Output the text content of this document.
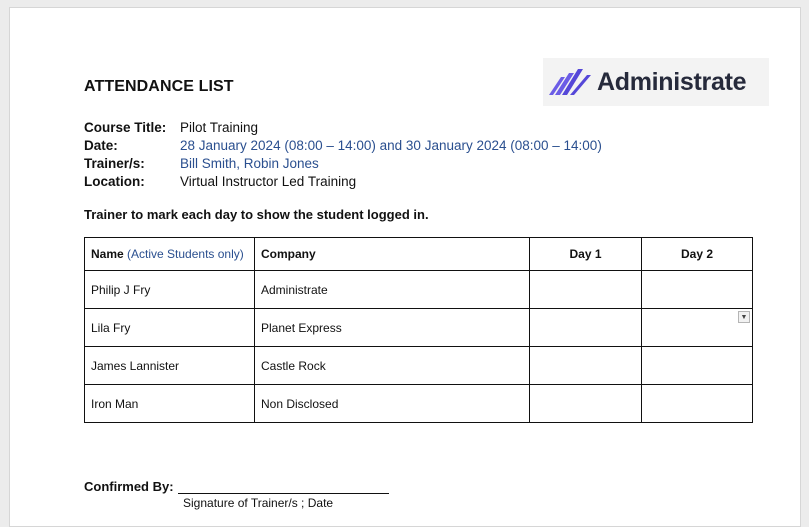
ATTENDANCE LIST	Administrate
Course Title:	Pilot Training
Date:	28 January 2024 (08:00 – 14:00) and 30 January 2024 (08:00 – 14:00)
Trainer/s:	Bill Smith, Robin Jones
Location:	Virtual Instructor Led Training
Trainer to mark each day to show the student logged in.
Name (Active Students only)	Company	Day 1	Day 2
Philip J Fry	Administrate		
Lila Fry	Planet Express		▼

James Lannister	Castle Rock		
Iron Man	Non Disclosed		
Confirmed By:
Signature of Trainer/s ; Date
